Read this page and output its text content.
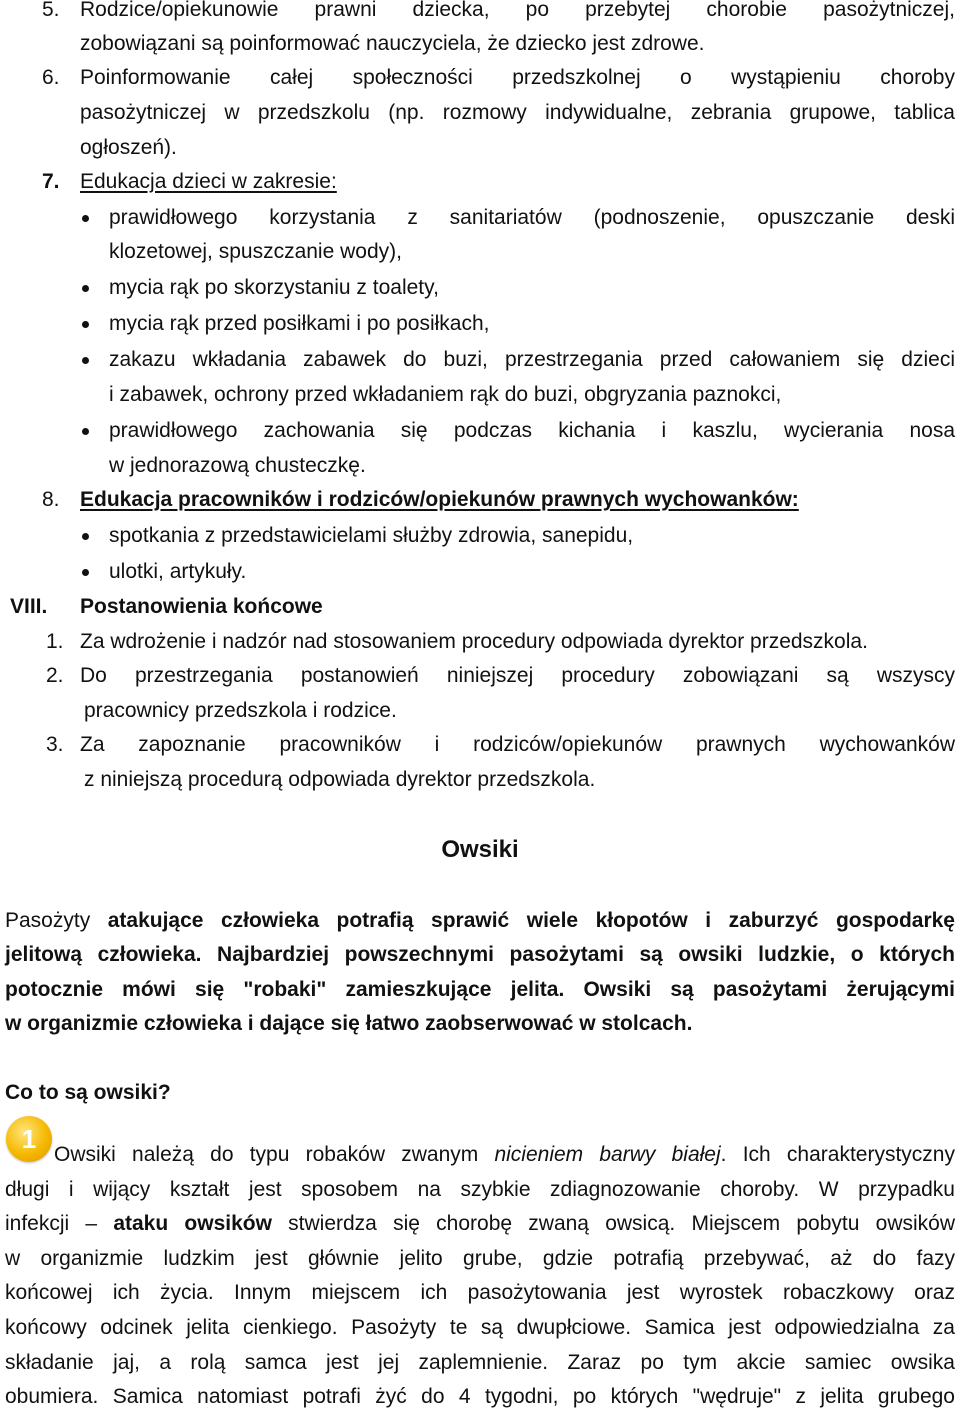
5. Rodzice/opiekunowie prawni dziecka, po przebytej chorobie pasożytniczej,
zobowiązani są poinformować nauczyciela, że dziecko jest zdrowe.
6. Poinformowanie całej społeczności przedszkolnej o wystąpieniu choroby
pasożytniczej w przedszkolu (np. rozmowy indywidualne, zebrania grupowe, tablica
ogłoszeń).
7. Edukacja dzieci w zakresie:
prawidłowego korzystania z sanitariatów (podnoszenie, opuszczanie deski
klozetowej, spuszczanie wody),
mycia rąk po skorzystaniu z toalety,
mycia rąk przed posiłkami i po posiłkach,
zakazu wkładania zabawek do buzi, przestrzegania przed całowaniem się dzieci
i zabawek, ochrony przed wkładaniem rąk do buzi, obgryzania paznokci,
prawidłowego zachowania się podczas kichania i kaszlu, wycierania nosa
w jednorazową chusteczkę.
8. Edukacja pracowników i rodziców/opiekunów prawnych wychowanków:
spotkania z przedstawicielami służby zdrowia, sanepidu,
ulotki, artykuły.
VIII. Postanowienia końcowe
1. Za wdrożenie i nadzór nad stosowaniem procedury odpowiada dyrektor przedszkola.
2. Do przestrzegania postanowień niniejszej procedury zobowiązani są wszyscy
pracownicy przedszkola i rodzice.
3. Za zapoznanie pracowników i rodziców/opiekunów prawnych wychowanków
z niniejszą procedurą odpowiada dyrektor przedszkola.
Owsiki
Pasożyty atakujące człowieka potrafią sprawić wiele kłopotów i zaburzyć gospodarkę
jelitową człowieka. Najbardziej powszechnymi pasożytami są owsiki ludzkie, o których
potocznie mówi się "robaki" zamieszkujące jelita. Owsiki są pasożytami żerującymi
w organizmie człowieka i dające się łatwo zaobserwować w stolcach.
Co to są owsiki?
1
Owsiki należą do typu robaków zwanym nicieniem barwy białej. Ich charakterystyczny
długi i wijący kształt jest sposobem na szybkie zdiagnozowanie choroby. W przypadku
infekcji – ataku owsików stwierdza się chorobę zwaną owsicą. Miejscem pobytu owsików
w organizmie ludzkim jest głównie jelito grube, gdzie potrafią przebywać, aż do fazy
końcowej ich życia. Innym miejscem ich pasożytowania jest wyrostek robaczkowy oraz
końcowy odcinek jelita cienkiego. Pasożyty te są dwupłciowe. Samica jest odpowiedzialna za
składanie jaj, a rolą samca jest jej zaplemnienie. Zaraz po tym akcie samiec owsika
obumiera. Samica natomiast potrafi żyć do 4 tygodni, po których "wędruje" z jelita grubego
